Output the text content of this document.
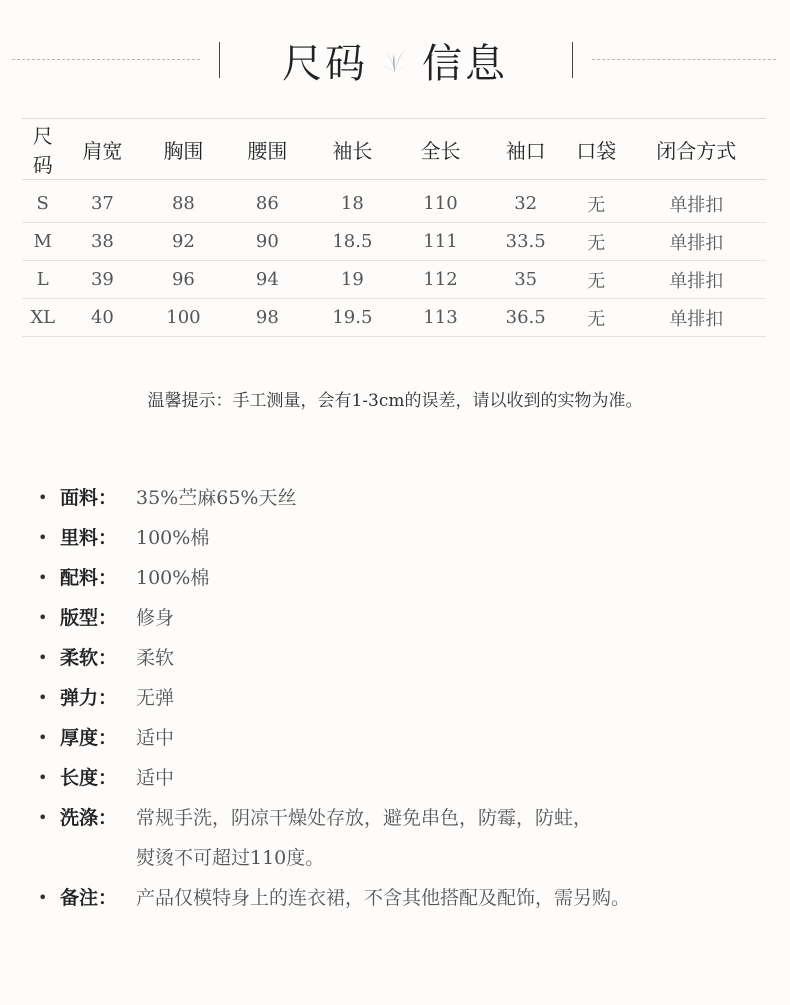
尺码 信息
尺码	肩宽	胸围	腰围	袖长	全长	袖口	口袋	闭合方式
S	37	88	86	18	110	32	无	单排扣
M	38	92	90	18.5	111	33.5	无	单排扣
L	39	96	94	19	112	35	无	单排扣
XL	40	100	98	19.5	113	36.5	无	单排扣
温馨提示：手工测量，会有1-3cm的误差，请以收到的实物为准。
• 面料： 35%苎麻65%天丝
• 里料： 100%棉
• 配料： 100%棉
• 版型： 修身
• 柔软： 柔软
• 弹力： 无弹
• 厚度： 适中
• 长度： 适中
• 洗涤： 常规手洗，阴凉干燥处存放，避免串色，防霉，防蛀，
熨烫不可超过110度。
• 备注： 产品仅模特身上的连衣裙，不含其他搭配及配饰，需另购。
